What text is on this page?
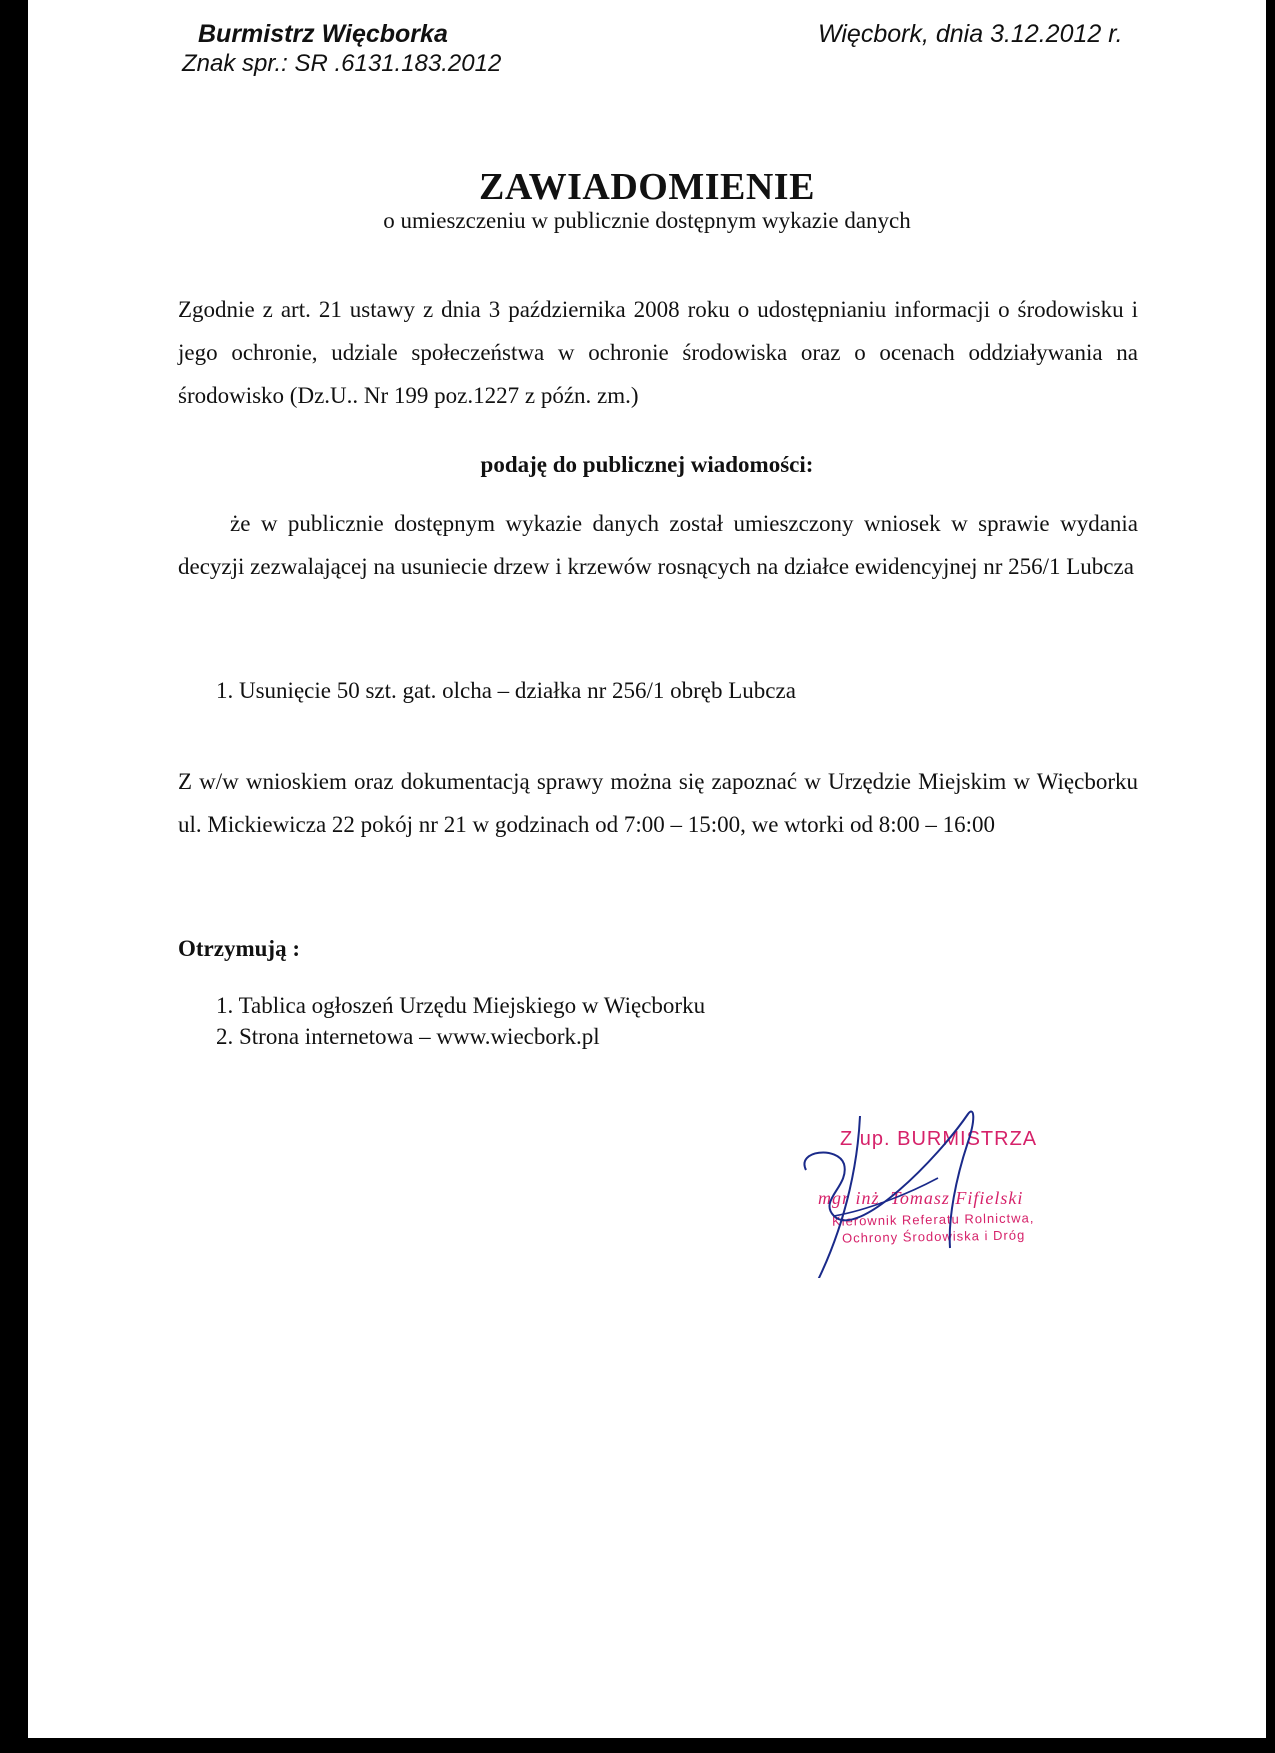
Burmistrz Więcborka
Znak spr.: SR .6131.183.2012
Więcbork, dnia 3.12.2012 r.
ZAWIADOMIENIE
o umieszczeniu w publicznie dostępnym wykazie danych
Zgodnie z art. 21 ustawy z dnia 3 października 2008 roku o udostępnianiu informacji o środowisku i jego ochronie, udziale społeczeństwa w ochronie środowiska oraz o ocenach oddziaływania na środowisko (Dz.U.. Nr 199 poz.1227 z późn. zm.)
podaję do publicznej wiadomości:
że w publicznie dostępnym wykazie danych został umieszczony wniosek w sprawie wydania decyzji zezwalającej na usuniecie drzew i krzewów rosnących na działce ewidencyjnej nr 256/1 Lubcza
1. Usunięcie 50 szt. gat. olcha – działka nr 256/1 obręb Lubcza
Z w/w wnioskiem oraz dokumentacją sprawy można się zapoznać w Urzędzie Miejskim w Więcborku ul. Mickiewicza 22 pokój nr 21 w godzinach od 7:00 – 15:00, we wtorki od 8:00 – 16:00
Otrzymują :
1. Tablica ogłoszeń Urzędu Miejskiego w Więcborku
2. Strona internetowa – www.wiecbork.pl
Z up. BURMISTRZA
mgr inż. Tomasz Fifielski
Kierownik Referatu Rolnictwa,
Ochrony Środowiska i Dróg
